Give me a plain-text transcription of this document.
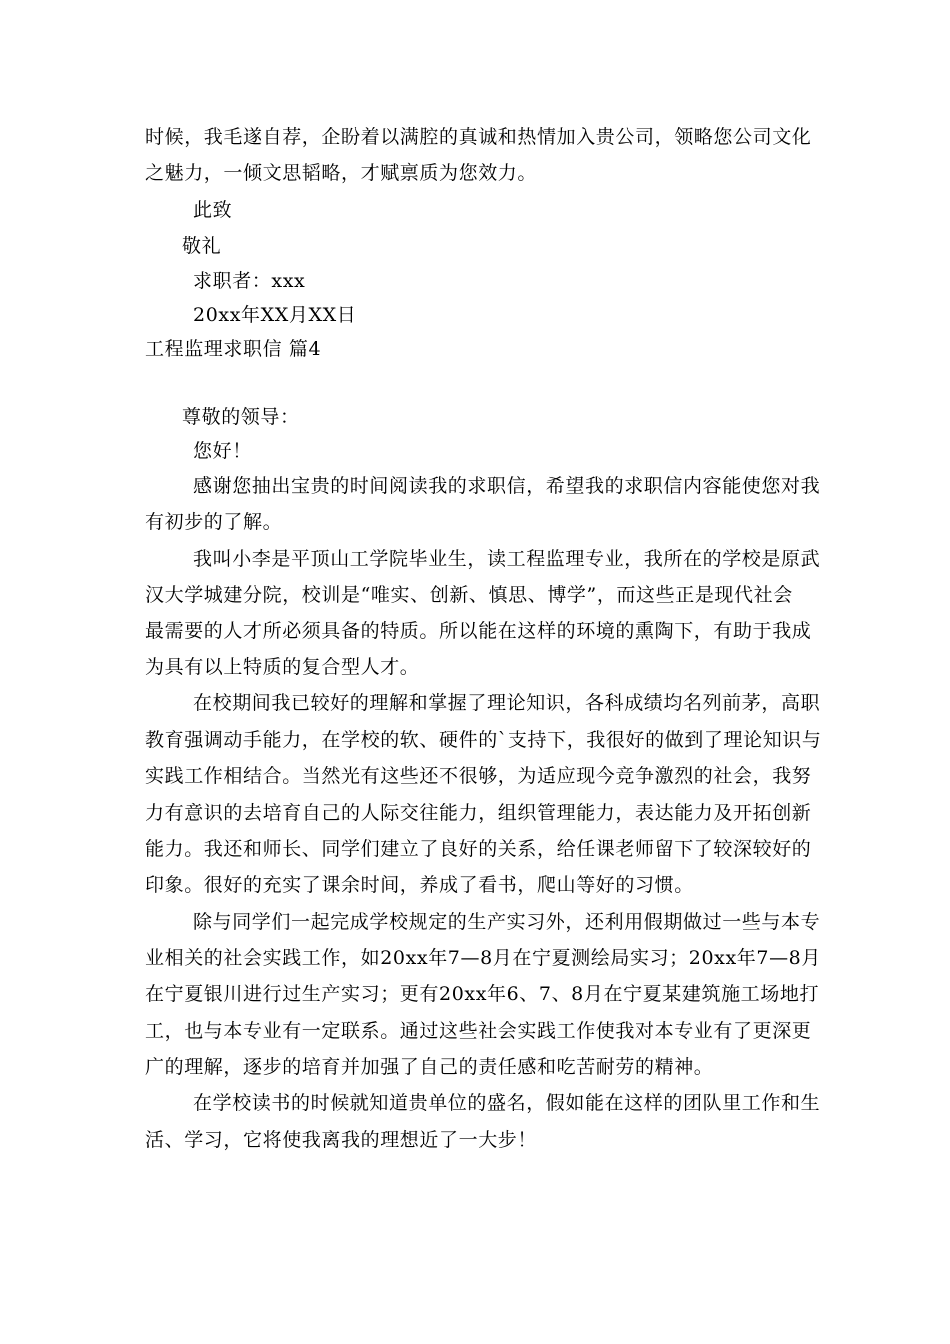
时候，我毛遂自荐，企盼着以满腔的真诚和热情加入贵公司，领略您公司文化
之魅力，一倾文思韬略，才赋禀质为您效力。
此致
敬礼
求职者：xxx
20xx年XX月XX日
工程监理求职信 篇4
尊敬的领导：
您好！
感谢您抽出宝贵的时间阅读我的求职信，希望我的求职信内容能使您对我
有初步的了解。
我叫小李是平顶山工学院毕业生，读工程监理专业，我所在的学校是原武
汉大学城建分院，校训是“唯实、创新、慎思、博学”，而这些正是现代社会
最需要的人才所必须具备的特质。所以能在这样的环境的熏陶下，有助于我成
为具有以上特质的复合型人才。
在校期间我已较好的理解和掌握了理论知识，各科成绩均名列前茅，高职
教育强调动手能力，在学校的软、硬件的`支持下，我很好的做到了理论知识与
实践工作相结合。当然光有这些还不很够，为适应现今竞争激烈的社会，我努
力有意识的去培育自己的人际交往能力，组织管理能力，表达能力及开拓创新
能力。我还和师长、同学们建立了良好的关系，给任课老师留下了较深较好的
印象。很好的充实了课余时间，养成了看书，爬山等好的习惯。
除与同学们一起完成学校规定的生产实习外，还利用假期做过一些与本专
业相关的社会实践工作，如20xx年7—8月在宁夏测绘局实习；20xx年7—8月
在宁夏银川进行过生产实习；更有20xx年6、7、8月在宁夏某建筑施工场地打
工，也与本专业有一定联系。通过这些社会实践工作使我对本专业有了更深更
广的理解，逐步的培育并加强了自己的责任感和吃苦耐劳的精神。
在学校读书的时候就知道贵单位的盛名，假如能在这样的团队里工作和生
活、学习，它将使我离我的理想近了一大步！
